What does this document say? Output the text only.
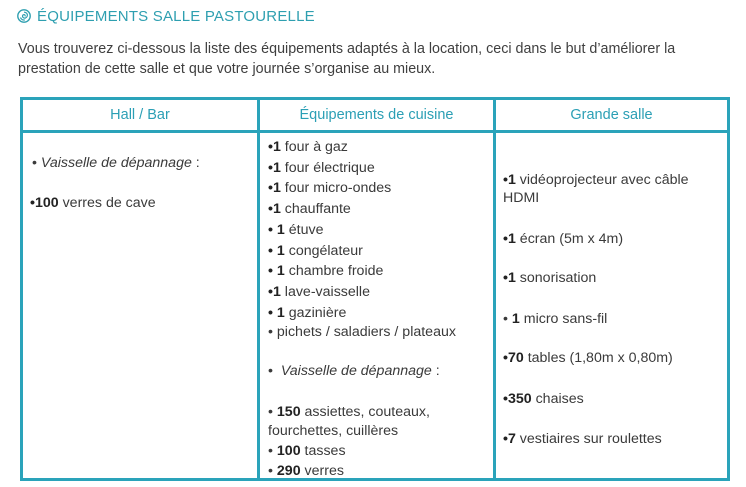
ÉQUIPEMENTS SALLE PASTOURELLE
Vous trouverez ci-dessous la liste des équipements adaptés à la location, ceci dans le but d’améliorer la
prestation de cette salle et que votre journée s’organise au mieux.
Hall / Bar	Équipements de cuisine	Grande salle
• Vaisselle de dépannage :
•100 verres de cave
•1 four à gaz
•1 four électrique
•1 four micro-ondes
•1 chauffante
• 1 étuve
• 1 congélateur
• 1 chambre froide
•1 lave-vaisselle
• 1 gazinière
• pichets / saladiers / plateaux
•  Vaisselle de dépannage :
• 150 assiettes, couteaux,
fourchettes, cuillères
• 100 tasses
• 290 verres
•1 vidéoprojecteur avec câble
HDMI
•1 écran (5m x 4m)
•1 sonorisation
• 1 micro sans-fil
•70 tables (1,80m x 0,80m)
•350 chaises
•7 vestiaires sur roulettes
